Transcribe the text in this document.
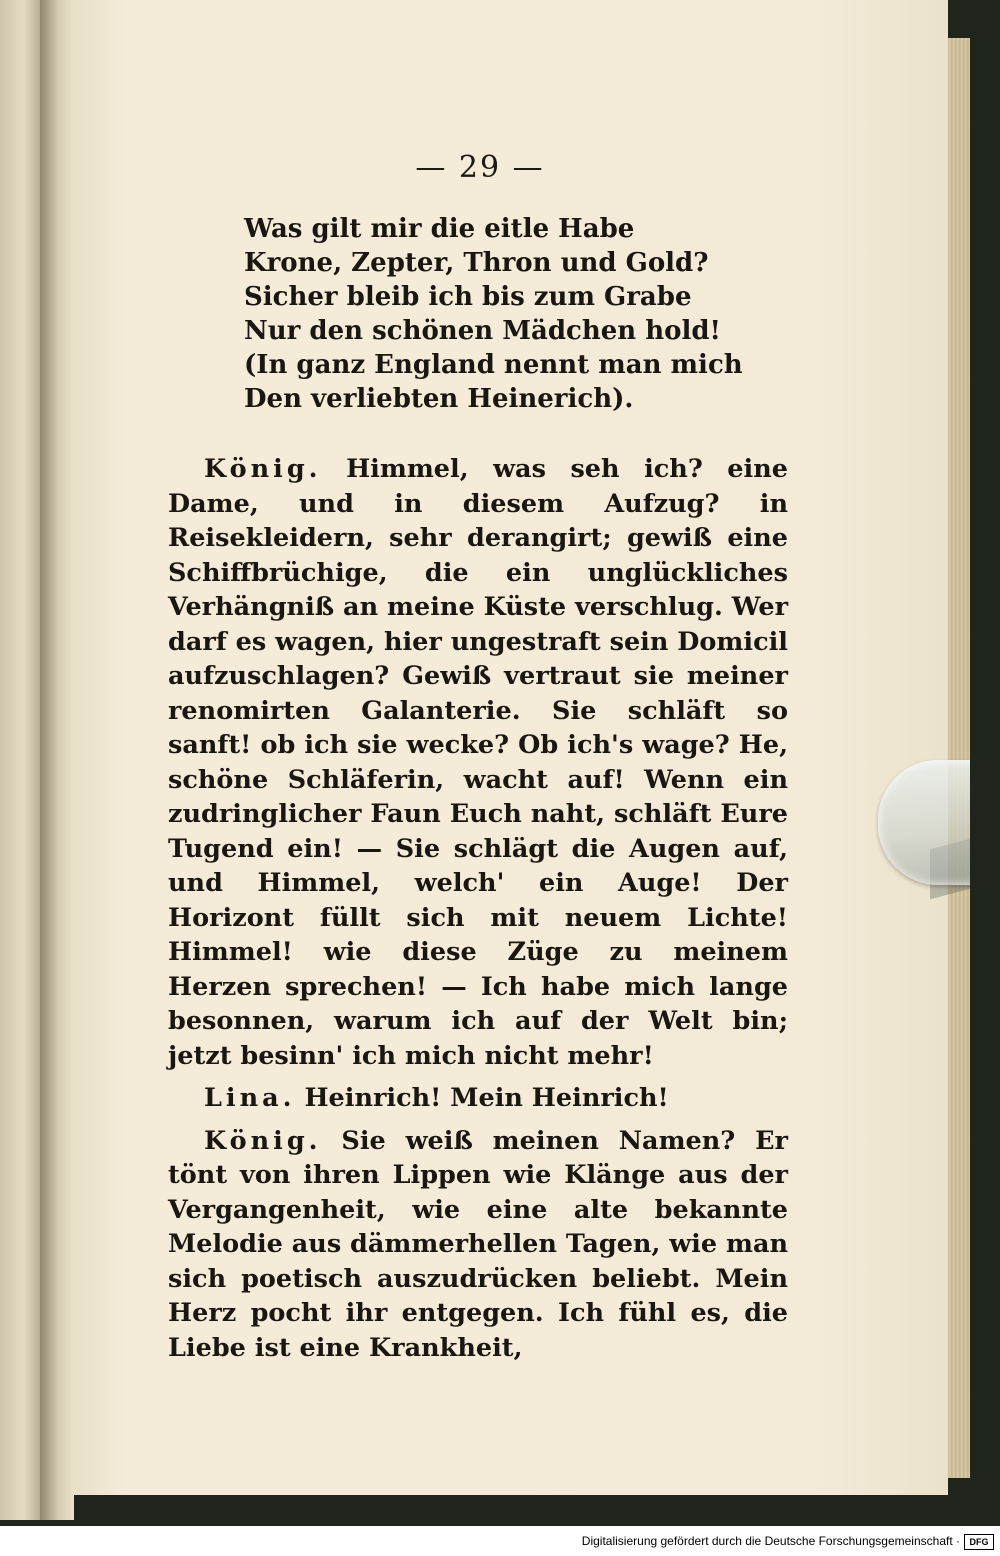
— 29 —
Was gilt mir die eitle Habe
Krone, Zepter, Thron und Gold?
Sicher bleib ich bis zum Grabe
Nur den schönen Mädchen hold!
(In ganz England nennt man mich
Den verliebten Heinerich).

König. Himmel, was seh ich? eine Dame, und in diesem Aufzug? in Reisekleidern, sehr derangirt; gewiß eine Schiffbrüchige, die ein unglückliches Verhängniß an meine Küste verschlug. Wer darf es wagen, hier ungestraft sein Domicil aufzuschlagen? Gewiß vertraut sie meiner renomirten Galanterie. Sie schläft so sanft! ob ich sie wecke? Ob ich's wage? He, schöne Schläferin, wacht auf! Wenn ein zudringlicher Faun Euch naht, schläft Eure Tugend ein! — Sie schlägt die Augen auf, und Himmel, welch' ein Auge! Der Horizont füllt sich mit neuem Lichte! Himmel! wie diese Züge zu meinem Herzen sprechen! — Ich habe mich lange besonnen, warum ich auf der Welt bin; jetzt besinn' ich mich nicht mehr!

Lina. Heinrich! Mein Heinrich!

König. Sie weiß meinen Namen? Er tönt von ihren Lippen wie Klänge aus der Vergangenheit, wie eine alte bekannte Melodie aus dämmerhellen Tagen, wie man sich poetisch auszudrücken beliebt. Mein Herz pocht ihr entgegen. Ich fühl es, die Liebe ist eine Krankheit,

Digitalisierung gefördert durch die Deutsche Forschungsgemeinschaft ·	DFG
